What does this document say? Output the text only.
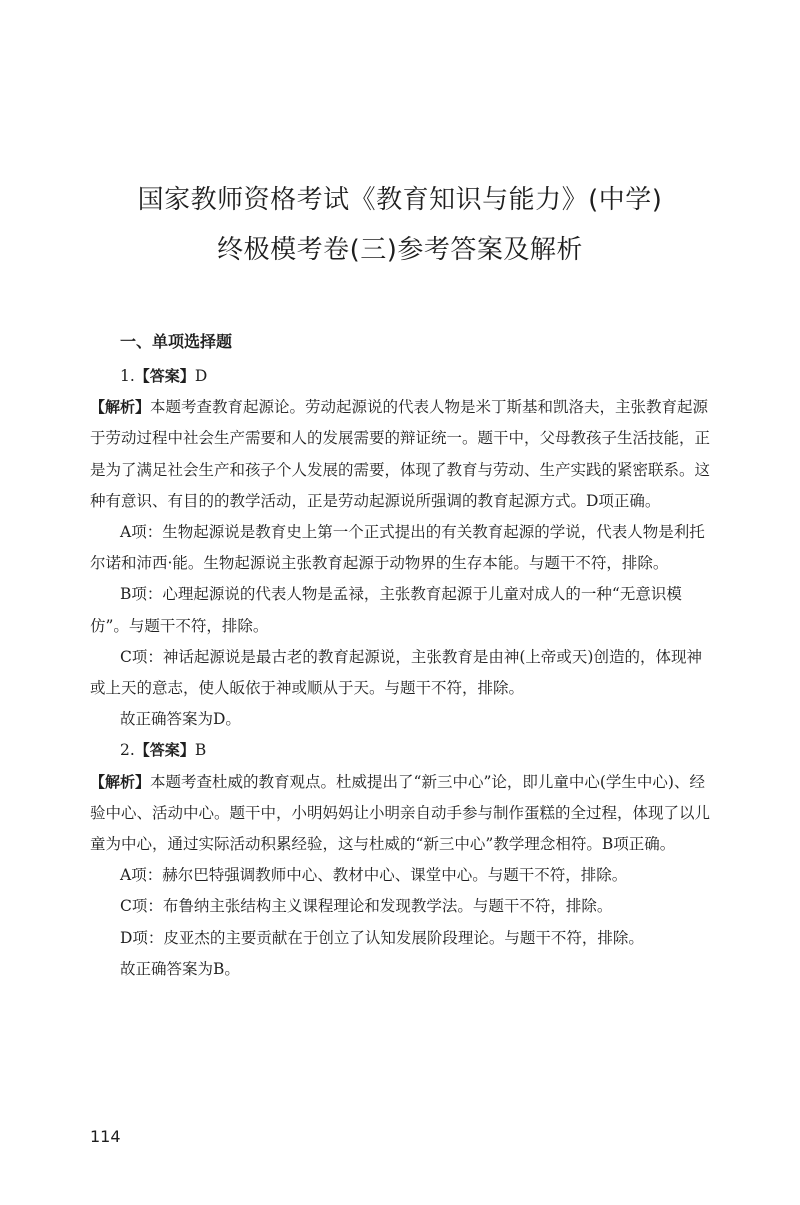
国家教师资格考试《教育知识与能力》(中学)
终极模考卷(三)参考答案及解析
一、单项选择题

1.【答案】D

【解析】本题考查教育起源论。劳动起源说的代表人物是米丁斯基和凯洛夫，主张教育起源于劳动过程中社会生产需要和人的发展需要的辩证统一。题干中，父母教孩子生活技能，正是为了满足社会生产和孩子个人发展的需要，体现了教育与劳动、生产实践的紧密联系。这种有意识、有目的的教学活动，正是劳动起源说所强调的教育起源方式。D项正确。

A项：生物起源说是教育史上第一个正式提出的有关教育起源的学说，代表人物是利托尔诺和沛西·能。生物起源说主张教育起源于动物界的生存本能。与题干不符，排除。

B项：心理起源说的代表人物是孟禄，主张教育起源于儿童对成人的一种“无意识模仿”。与题干不符，排除。

C项：神话起源说是最古老的教育起源说，主张教育是由神(上帝或天)创造的，体现神或上天的意志，使人皈依于神或顺从于天。与题干不符，排除。

故正确答案为D。

2.【答案】B

【解析】本题考查杜威的教育观点。杜威提出了“新三中心”论，即儿童中心(学生中心)、经验中心、活动中心。题干中，小明妈妈让小明亲自动手参与制作蛋糕的全过程，体现了以儿童为中心，通过实际活动积累经验，这与杜威的“新三中心”教学理念相符。B项正确。

A项：赫尔巴特强调教师中心、教材中心、课堂中心。与题干不符，排除。

C项：布鲁纳主张结构主义课程理论和发现教学法。与题干不符，排除。

D项：皮亚杰的主要贡献在于创立了认知发展阶段理论。与题干不符，排除。

故正确答案为B。

114
